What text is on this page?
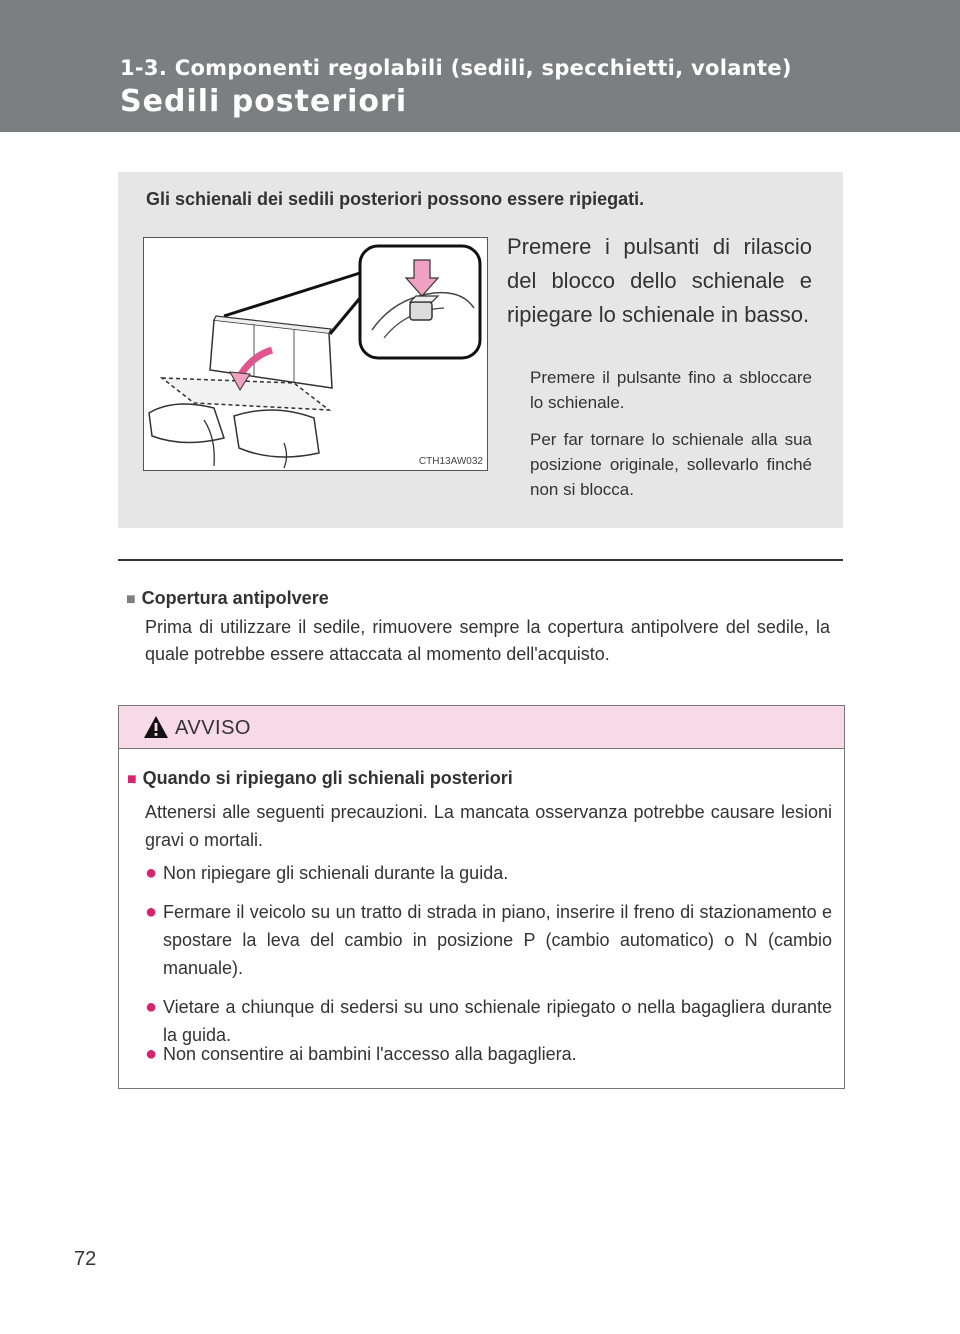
1-3. Componenti regolabili (sedili, specchietti, volante)
Sedili posteriori
Gli schienali dei sedili posteriori possono essere ripiegati.
CTH13AW032
Premere i pulsanti di rilascio del blocco dello schienale e ripiegare lo schienale in basso.
Premere il pulsante fino a sbloccare lo schienale.
Per far tornare lo schienale alla sua posizione originale, sollevarlo finché non si blocca.
■ Copertura antipolvere
Prima di utilizzare il sedile, rimuovere sempre la copertura antipolvere del sedile, la quale potrebbe essere attaccata al momento dell'acquisto.
AVVISO
■ Quando si ripiegano gli schienali posteriori
Attenersi alle seguenti precauzioni. La mancata osservanza potrebbe causare lesioni gravi o mortali.
● Non ripiegare gli schienali durante la guida.
● Fermare il veicolo su un tratto di strada in piano, inserire il freno di stazionamento e spostare la leva del cambio in posizione P (cambio automatico) o N (cambio manuale).
● Vietare a chiunque di sedersi su uno schienale ripiegato o nella bagagliera durante la guida.
● Non consentire ai bambini l'accesso alla bagagliera.
72
